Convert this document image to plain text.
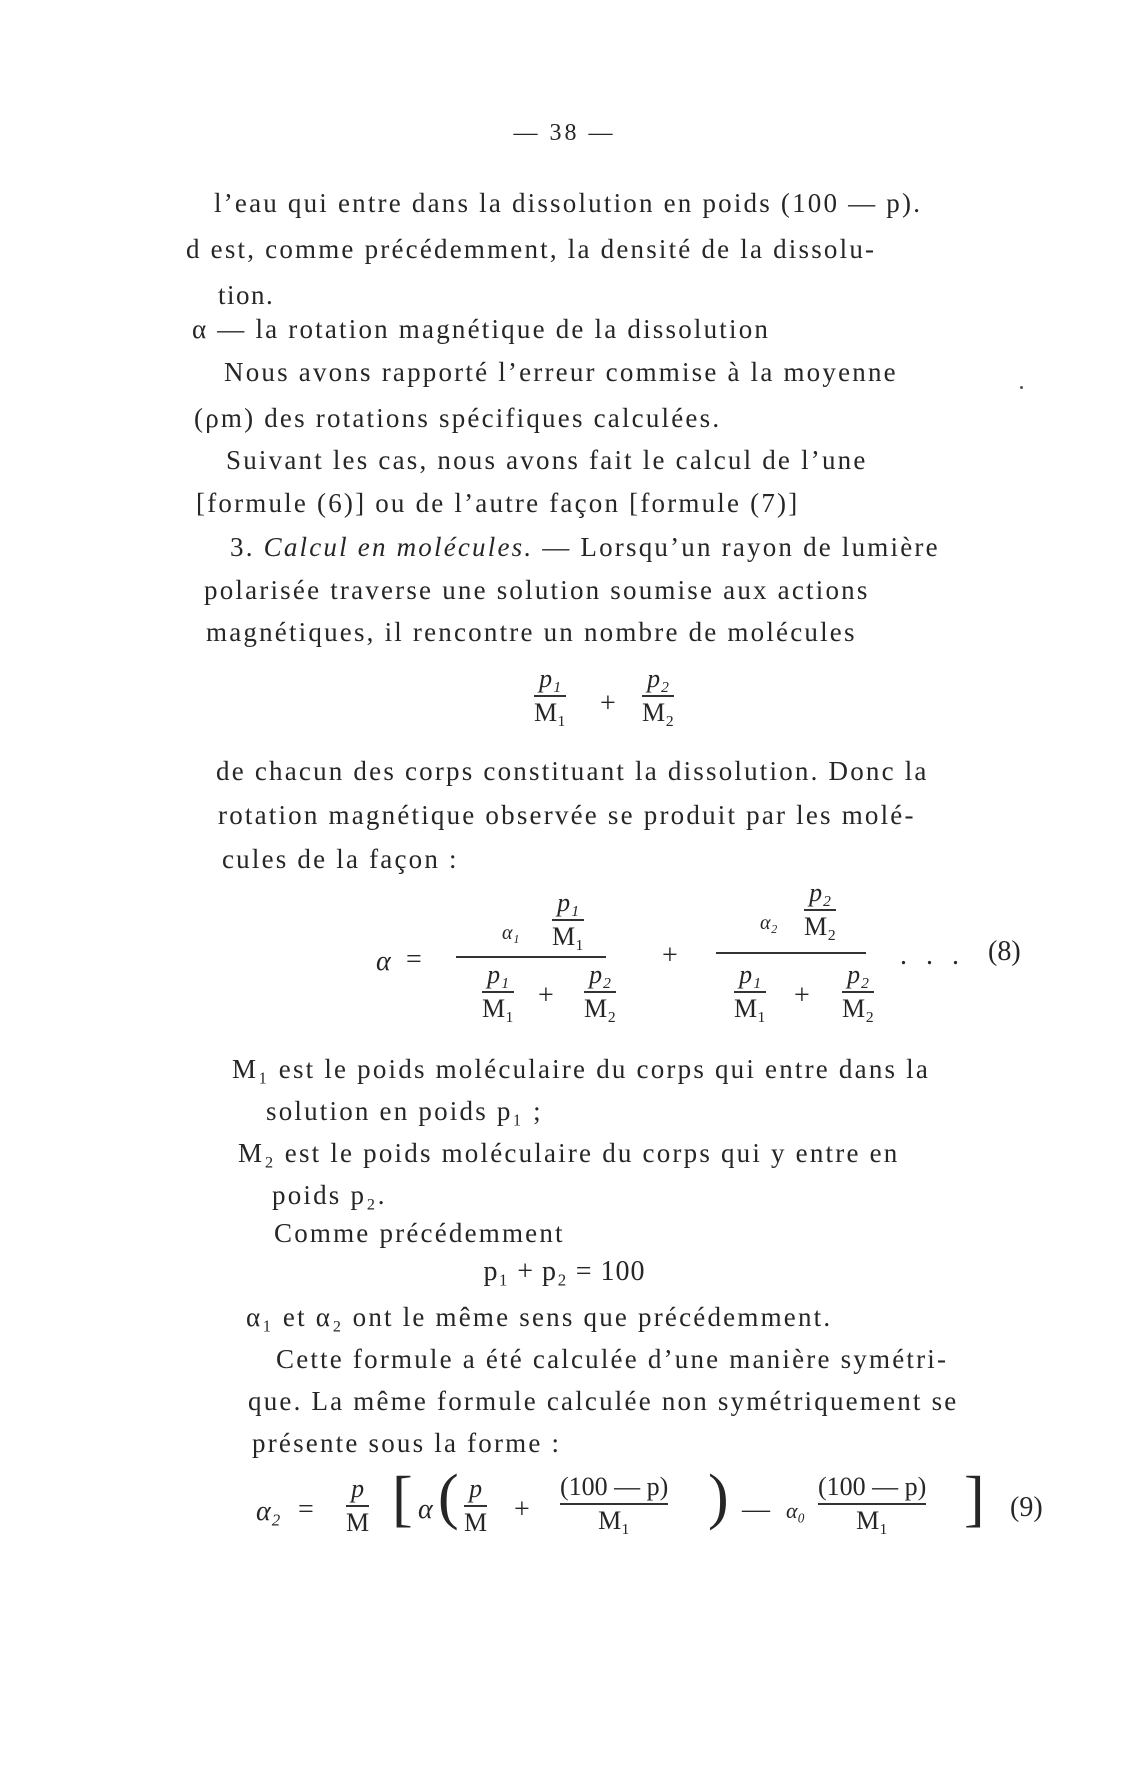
— 38 —
l’eau qui entre dans la dissolution en poids (100 — p).
d est, comme précédemment, la densité de la dissolu-
tion.
α — la rotation magnétique de la dissolution
Nous avons rapporté l’erreur commise à la moyenne
(ρm) des rotations spécifiques calculées.
Suivant les cas, nous avons fait le calcul de l’une
[formule (6)] ou de l’autre façon [formule (7)]
3. Calcul en molécules. — Lorsqu’un rayon de lumière
polarisée traverse une solution soumise aux actions
magnétiques, il rencontre un nombre de molécules
p₁
M₁ +
p₂
M₂
de chacun des corps constituant la dissolution. Donc la
rotation magnétique observée se produit par les molé-
cules de la façon :
α =
α₁
p₁
M₁
p₁
M₁ +
p₂
M₂
+
α₂
p₂
M₂
p₁
M₁ +
p₂
M₂
. . . (8)
M₁ est le poids moléculaire du corps qui entre dans la
solution en poids p₁ ;
M₂ est le poids moléculaire du corps qui y entre en
poids p₂.
Comme précédemment
p₁ + p₂ = 100
α₁ et α₂ ont le même sens que précédemment.
Cette formule a été calculée d’une manière symétri-
que. La même formule calculée non symétriquement se
présente sous la forme :
α₂ =
p
M [ α ( p
M +
(100 — p)
M₁ ) — α₀
(100 — p)
M₁ ] (9)
